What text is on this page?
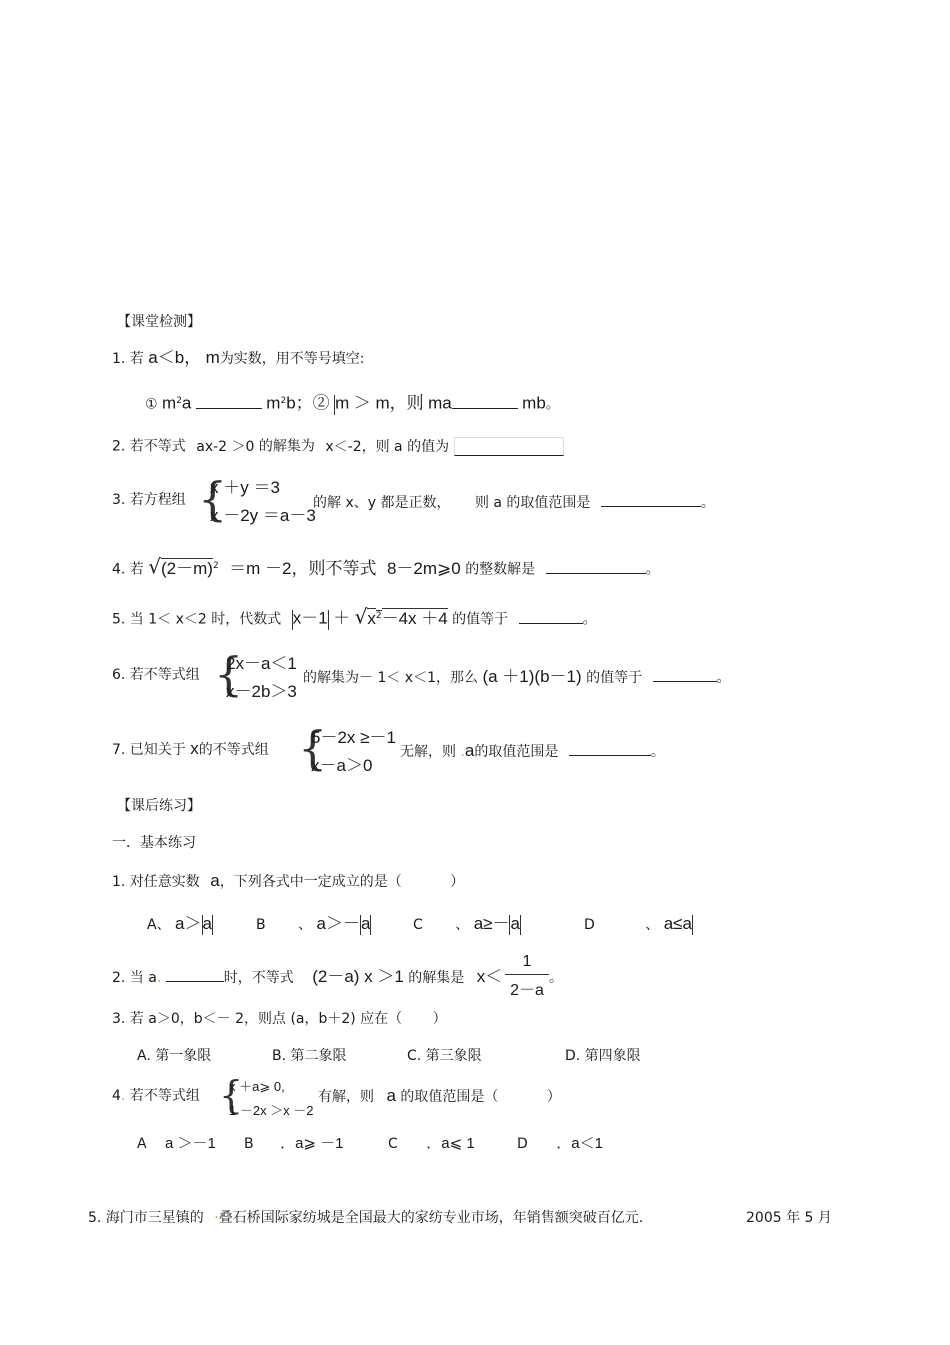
【课堂检测】
1. 若 a＜b， m为实数，用不等号填空:
① $m^2a$	$m^2b$；② m ＞ m，则 ma	mb。
2. 若不等式 ax-2 ＞0 的解集为 x＜-2，则 a 的值为
3. 若方程组 {
x ＋y ＝3
x －2y ＝a－3
的解 x、y 都是正数， 则 a 的取值范围是	。
4. 若 $√(2-m)^2 =m -2$，则不等式 8－2m⩾0 的整数解是	。
5. 当 1＜ x＜2 时，代数式 $x-1 + √x^2-4x +4$ 的值等于	。
6. 若不等式组 {
2x－a＜1
x－2b＞3
的解集为－ 1＜ x＜1，那么 (a ＋1)(b－1) 的值等于	。
7. 已知关于 x的不等式组 {
5－2x ≥－1
x－a＞0
无解，则 .a的取值范围是	。
【课后练习】
一．基本练习
1. 对任意实数 a，下列各式中一定成立的是（	）
A、 a＞a	B 、 a＞－a	C 、 a≥－a	D	、 a≤a
2. 当 a.	时，不等式 (2－a) x ＞1 的解集是 $x< \frac{1}{2-a}$ 。
3. 若 a＞0，b＜－ 2，则点 (a，b＋2) 应在（ ）
A. 第一象限	B. 第二象限	C. 第三象限	D. 第四象限
4. 若不等式组 {
x ＋a⩾ 0,
1 －2x ＞x －2
有解，则 a 的取值范围是（	）
A a ＞－1 B ．a⩾ －1	C ．a⩽ 1	D ．a＜1
5. 海门市三星镇的 ·叠石桥国际家纺城是全国最大的家纺专业市场，年销售额突破百亿元.	2005 年 5 月
